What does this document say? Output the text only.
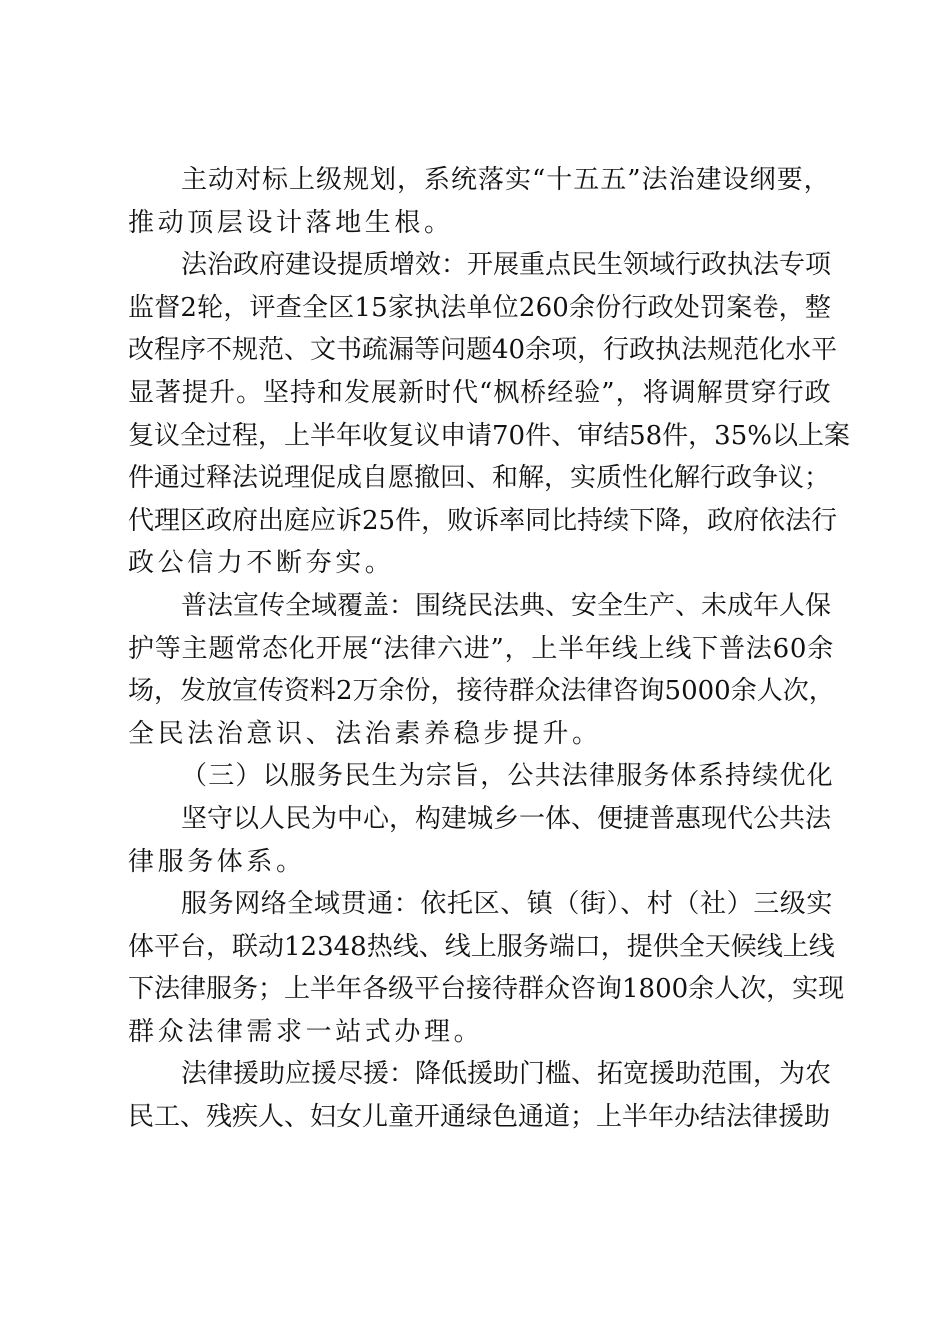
主动对标上级规划，系统落实“十五五”法治建设纲要，
推动顶层设计落地生根。
法治政府建设提质增效：开展重点民生领域行政执法专项
监督2轮，评查全区15家执法单位260余份行政处罚案卷，整
改程序不规范、文书疏漏等问题40余项，行政执法规范化水平
显著提升。坚持和发展新时代“枫桥经验”，将调解贯穿行政
复议全过程，上半年收复议申请70件、审结58件，35%以上案
件通过释法说理促成自愿撤回、和解，实质性化解行政争议；
代理区政府出庭应诉25件，败诉率同比持续下降，政府依法行
政公信力不断夯实。
普法宣传全域覆盖：围绕民法典、安全生产、未成年人保
护等主题常态化开展“法律六进”，上半年线上线下普法60余
场，发放宣传资料2万余份，接待群众法律咨询5000余人次，
全民法治意识、法治素养稳步提升。
（三）以服务民生为宗旨，公共法律服务体系持续优化
坚守以人民为中心，构建城乡一体、便捷普惠现代公共法
律服务体系。
服务网络全域贯通：依托区、镇（街）、村（社）三级实
体平台，联动12348热线、线上服务端口，提供全天候线上线
下法律服务；上半年各级平台接待群众咨询1800余人次，实现
群众法律需求一站式办理。
法律援助应援尽援：降低援助门槛、拓宽援助范围，为农
民工、残疾人、妇女儿童开通绿色通道；上半年办结法律援助
